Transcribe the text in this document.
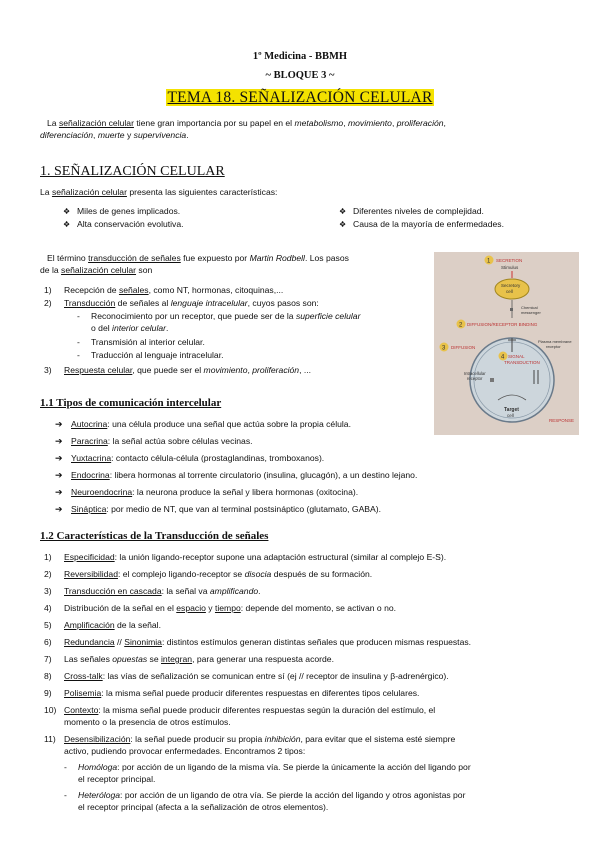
1º Medicina - BBMH
~ BLOQUE 3 ~
TEMA 18. SEÑALIZACIÓN CELULAR
La señalización celular tiene gran importancia por su papel en el metabolismo, movimiento, proliferación,
diferenciación, muerte y supervivencia.
1. SEÑALIZACIÓN CELULAR
La señalización celular presenta las siguientes características:
❖ Miles de genes implicados.
❖ Alta conservación evolutiva.
❖ Diferentes niveles de complejidad.
❖ Causa de la mayoría de enfermedades.
El término transducción de señales fue expuesto por Martin Rodbell. Los pasos
de la señalización celular son
1) Recepción de señales, como NT, hormonas, citoquinas,...
2) Transducción de señales al lenguaje intracelular, cuyos pasos son:
- Reconocimiento por un receptor, que puede ser de la superficie celular
o del interior celular.
- Transmisión al interior celular.
- Traducción al lenguaje intracelular.
3) Respuesta celular, que puede ser el movimiento, proliferación, ...
1 SECRETION
Stimulus
Secretory
cell
Chemical
messenger
2 DIFFUSION/RECEPTOR BINDING
3 DIFFUSION
Plasma membrane
receptor
4 SIGNAL
TRANSDUCTION
Intracellular
receptor
Target
cell
RESPONSE
1.1 Tipos de comunicación intercelular
➔ Autocrina: una célula produce una señal que actúa sobre la propia célula.
➔ Paracrina: la señal actúa sobre células vecinas.
➔ Yuxtacrina: contacto célula-célula (prostaglandinas, tromboxanos).
➔ Endocrina: libera hormonas al torrente circulatorio (insulina, glucagón), a un destino lejano.
➔ Neuroendocrina: la neurona produce la señal y libera hormonas (oxitocina).
➔ Sináptica: por medio de NT, que van al terminal postsináptico (glutamato, GABA).
1.2 Características de la Transducción de señales
1) Especificidad: la unión ligando-receptor supone una adaptación estructural (similar al complejo E-S).
2) Reversibilidad: el complejo ligando-receptor se disocia después de su formación.
3) Transducción en cascada: la señal va amplificando.
4) Distribución de la señal en el espacio y tiempo: depende del momento, se activan o no.
5) Amplificación de la señal.
6) Redundancia // Sinonimia: distintos estímulos generan distintas señales que producen mismas respuestas.
7) Las señales opuestas se integran, para generar una respuesta acorde.
8) Cross-talk: las vías de señalización se comunican entre sí (ej // receptor de insulina y β-adrenérgico).
9) Polisemia: la misma señal puede producir diferentes respuestas en diferentes tipos celulares.
10) Contexto: la misma señal puede producir diferentes respuestas según la duración del estímulo, el
momento o la presencia de otros estímulos.
11) Desensibilización: la señal puede producir su propia inhibición, para evitar que el sistema esté siempre
activo, pudiendo provocar enfermedades. Encontramos 2 tipos:
- Homóloga: por acción de un ligando de la misma vía. Se pierde la únicamente la acción del ligando por
el receptor principal.
- Heteróloga: por acción de un ligando de otra vía. Se pierde la acción del ligando y otros agonistas por
el receptor principal (afecta a la señalización de otros elementos).
